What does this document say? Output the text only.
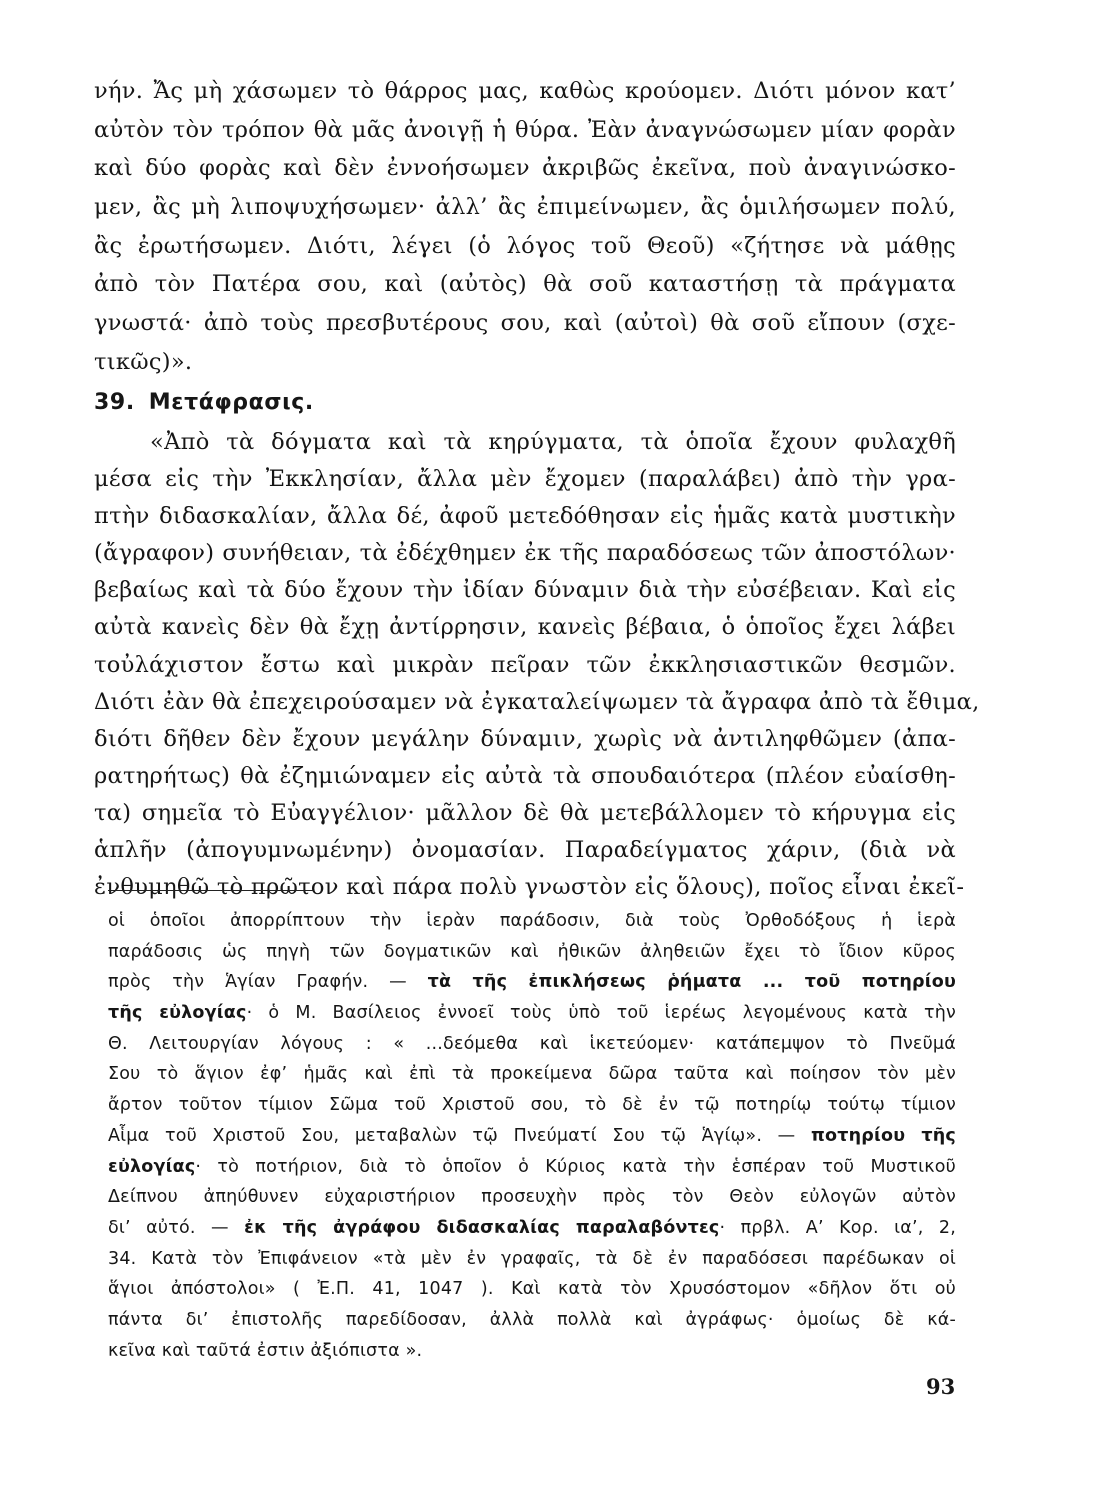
νήν. Ἄς μὴ χάσωμεν τὸ θάρρος μας, καθὼς κρούομεν. Διότι μόνον κατ’
αὐτὸν τὸν τρόπον θὰ μᾶς ἀνοιγῇ ἡ θύρα. Ἐὰν ἀναγνώσωμεν μίαν φορὰν
καὶ δύο φορὰς καὶ δὲν ἐννοήσωμεν ἀκριβῶς ἐκεῖνα, ποὺ ἀναγινώσκο-
μεν, ἂς μὴ λιποψυχήσωμεν· ἀλλ’ ἂς ἐπιμείνωμεν, ἂς ὁμιλήσωμεν πολύ,
ἂς ἐρωτήσωμεν. Διότι, λέγει (ὁ λόγος τοῦ Θεοῦ) «ζήτησε νὰ μάθῃς
ἀπὸ τὸν Πατέρα σου, καὶ (αὐτὸς) θὰ σοῦ καταστήσῃ τὰ πράγματα
γνωστά· ἀπὸ τοὺς πρεσβυτέρους σου, καὶ (αὐτοὶ) θὰ σοῦ εἴπουν (σχε-
τικῶς)».
39. Μετάφρασις.
«Ἀπὸ τὰ δόγματα καὶ τὰ κηρύγματα, τὰ ὁποῖα ἔχουν φυλαχθῆ
μέσα εἰς τὴν Ἐκκλησίαν, ἄλλα μὲν ἔχομεν (παραλάβει) ἀπὸ τὴν γρα-
πτὴν διδασκαλίαν, ἄλλα δέ, ἀφοῦ μετεδόθησαν εἰς ἡμᾶς κατὰ μυστικὴν
(ἄγραφον) συνήθειαν, τὰ ἐδέχθημεν ἐκ τῆς παραδόσεως τῶν ἀποστόλων·
βεβαίως καὶ τὰ δύο ἔχουν τὴν ἰδίαν δύναμιν διὰ τὴν εὐσέβειαν. Καὶ εἰς
αὐτὰ κανεὶς δὲν θὰ ἔχῃ ἀντίρρησιν, κανεὶς βέβαια, ὁ ὁποῖος ἔχει λάβει
τοὐλάχιστον ἔστω καὶ μικρὰν πεῖραν τῶν ἐκκλησιαστικῶν θεσμῶν.
Διότι ἐὰν θὰ ἐπεχειρούσαμεν νὰ ἐγκαταλείψωμεν τὰ ἄγραφα ἀπὸ τὰ ἔθιμα,
διότι δῆθεν δὲν ἔχουν μεγάλην δύναμιν, χωρὶς νὰ ἀντιληφθῶμεν (ἀπα-
ρατηρήτως) θὰ ἐζημιώναμεν εἰς αὐτὰ τὰ σπουδαιότερα (πλέον εὐαίσθη-
τα) σημεῖα τὸ Εὐαγγέλιον· μᾶλλον δὲ θὰ μετεβάλλομεν τὸ κήρυγμα εἰς
ἁπλῆν (ἀπογυμνωμένην) ὀνομασίαν. Παραδείγματος χάριν, (διὰ νὰ
ἐνθυμηθῶ τὸ πρῶτον καὶ πάρα πολὺ γνωστὸν εἰς ὅλους), ποῖος εἶναι ἐκεῖ-
οἱ ὁποῖοι ἀπορρίπτουν τὴν ἱερὰν παράδοσιν, διὰ τοὺς Ὀρθοδόξους ἡ ἱερὰ
παράδοσις ὡς πηγὴ τῶν δογματικῶν καὶ ἠθικῶν ἀληθειῶν ἔχει τὸ ἴδιον κῦρος
πρὸς τὴν Ἁγίαν Γραφήν. — τὰ τῆς ἐπικλήσεως ῥήματα ... τοῦ ποτηρίου
τῆς εὐλογίας· ὁ Μ. Βασίλειος ἐννοεῖ τοὺς ὑπὸ τοῦ ἱερέως λεγομένους κατὰ τὴν
Θ. Λειτουργίαν λόγους : « ...δεόμεθα καὶ ἱκετεύομεν· κατάπεμψον τὸ Πνεῦμά
Σου τὸ ἅγιον ἐφ’ ἡμᾶς καὶ ἐπὶ τὰ προκείμενα δῶρα ταῦτα καὶ ποίησον τὸν μὲν
ἄρτον τοῦτον τίμιον Σῶμα τοῦ Χριστοῦ σου, τὸ δὲ ἐν τῷ ποτηρίῳ τούτῳ τίμιον
Αἷμα τοῦ Χριστοῦ Σου, μεταβαλὼν τῷ Πνεύματί Σου τῷ Ἁγίῳ». — ποτηρίου τῆς
εὐλογίας· τὸ ποτήριον, διὰ τὸ ὁποῖον ὁ Κύριος κατὰ τὴν ἑσπέραν τοῦ Μυστικοῦ
Δείπνου ἀπηύθυνεν εὐχαριστήριον προσευχὴν πρὸς τὸν Θεὸν εὐλογῶν αὐτὸν
δι’ αὐτό. — ἐκ τῆς ἀγράφου διδασκαλίας παραλαβόντες· πρβλ. Α’ Κορ. ια’, 2,
34. Κατὰ τὸν Ἐπιφάνειον «τὰ μὲν ἐν γραφαῖς, τὰ δὲ ἐν παραδόσεσι παρέδωκαν οἱ
ἅγιοι ἀπόστολοι» ( Ἐ.Π. 41, 1047 ). Καὶ κατὰ τὸν Χρυσόστομον «δῆλον ὅτι οὐ
πάντα δι’ ἐπιστολῆς παρεδίδοσαν, ἀλλὰ πολλὰ καὶ ἀγράφως· ὁμοίως δὲ κά-
κεῖνα καὶ ταῦτά ἐστιν ἀξιόπιστα ».
93
